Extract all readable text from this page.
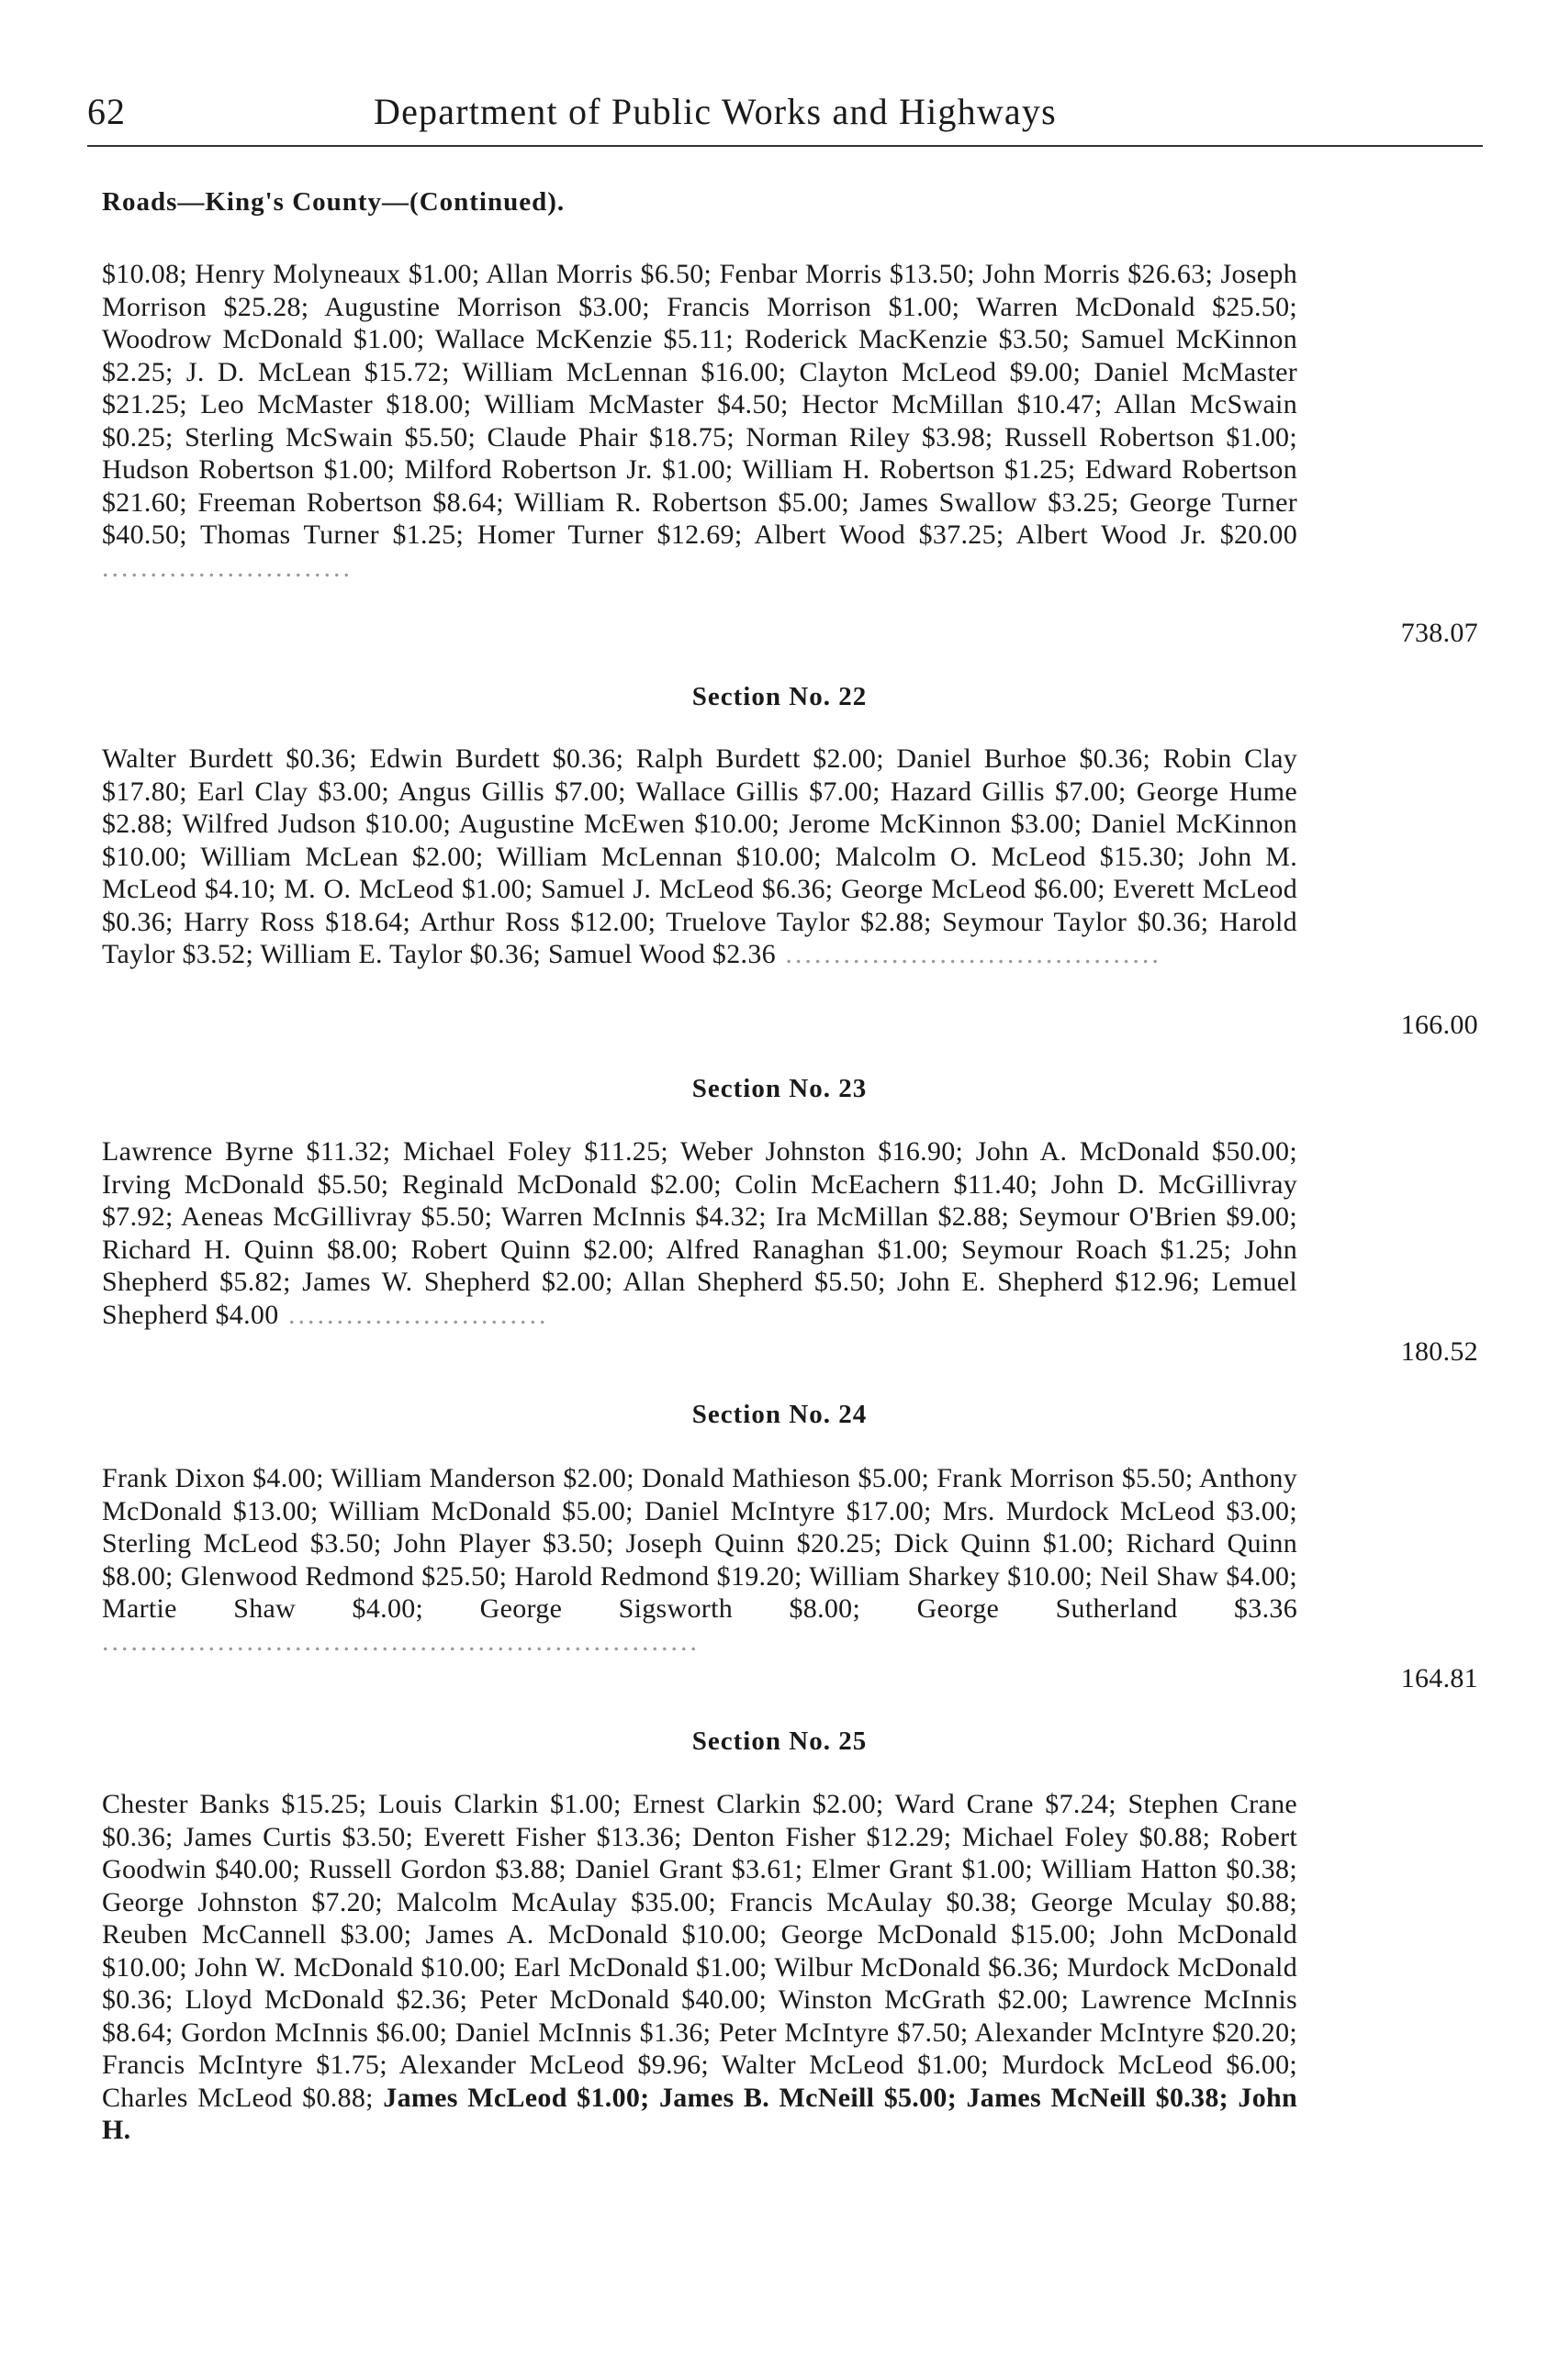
62	Department of Public Works and Highways
Roads—King's County—(Continued).
$10.08; Henry Molyneaux $1.00; Allan Morris $6.50; Fenbar Morris $13.50; John Morris $26.63; Joseph Morrison $25.28; Augustine Morrison $3.00; Francis Morrison $1.00; Warren McDonald $25.50; Woodrow McDonald $1.00; Wallace McKenzie $5.11; Roderick MacKenzie $3.50; Samuel McKinnon $2.25; J. D. McLean $15.72; William McLennan $16.00; Clayton McLeod $9.00; Daniel McMaster $21.25; Leo McMaster $18.00; William McMaster $4.50; Hector McMillan $10.47; Allan McSwain $0.25; Sterling McSwain $5.50; Claude Phair $18.75; Norman Riley $3.98; Russell Robertson $1.00; Hudson Robertson $1.00; Milford Robertson Jr. $1.00; William H. Robertson $1.25; Edward Robertson $21.60; Freeman Robertson $8.64; William R. Robertson $5.00; James Swallow $3.25; George Turner $40.50; Thomas Turner $1.25; Homer Turner $12.69; Albert Wood $37.25; Albert Wood Jr. $20.00 ..........................
738.07
Section No. 22
Walter Burdett $0.36; Edwin Burdett $0.36; Ralph Burdett $2.00; Daniel Burhoe $0.36; Robin Clay $17.80; Earl Clay $3.00; Angus Gillis $7.00; Wallace Gillis $7.00; Hazard Gillis $7.00; George Hume $2.88; Wilfred Judson $10.00; Augustine McEwen $10.00; Jerome McKinnon $3.00; Daniel McKinnon $10.00; William McLean $2.00; William McLennan $10.00; Malcolm O. McLeod $15.30; John M. McLeod $4.10; M. O. McLeod $1.00; Samuel J. McLeod $6.36; George McLeod $6.00; Everett McLeod $0.36; Harry Ross $18.64; Arthur Ross $12.00; Truelove Taylor $2.88; Seymour Taylor $0.36; Harold Taylor $3.52; William E. Taylor $0.36; Samuel Wood $2.36 .......................................
166.00
Section No. 23
Lawrence Byrne $11.32; Michael Foley $11.25; Weber Johnston $16.90; John A. McDonald $50.00; Irving McDonald $5.50; Reginald McDonald $2.00; Colin McEachern $11.40; John D. McGillivray $7.92; Aeneas McGillivray $5.50; Warren McInnis $4.32; Ira McMillan $2.88; Seymour O'Brien $9.00; Richard H. Quinn $8.00; Robert Quinn $2.00; Alfred Ranaghan $1.00; Seymour Roach $1.25; John Shepherd $5.82; James W. Shepherd $2.00; Allan Shepherd $5.50; John E. Shepherd $12.96; Lemuel Shepherd $4.00 ...........................
180.52
Section No. 24
Frank Dixon $4.00; William Manderson $2.00; Donald Mathieson $5.00; Frank Morrison $5.50; Anthony McDonald $13.00; William McDonald $5.00; Daniel McIntyre $17.00; Mrs. Murdock McLeod $3.00; Sterling McLeod $3.50; John Player $3.50; Joseph Quinn $20.25; Dick Quinn $1.00; Richard Quinn $8.00; Glenwood Redmond $25.50; Harold Redmond $19.20; William Sharkey $10.00; Neil Shaw $4.00; Martie Shaw $4.00; George Sigsworth $8.00; George Sutherland $3.36 ..............................................................
164.81
Section No. 25
Chester Banks $15.25; Louis Clarkin $1.00; Ernest Clarkin $2.00; Ward Crane $7.24; Stephen Crane $0.36; James Curtis $3.50; Everett Fisher $13.36; Denton Fisher $12.29; Michael Foley $0.88; Robert Goodwin $40.00; Russell Gordon $3.88; Daniel Grant $3.61; Elmer Grant $1.00; William Hatton $0.38; George Johnston $7.20; Malcolm McAulay $35.00; Francis McAulay $0.38; George Mculay $0.88; Reuben McCannell $3.00; James A. McDonald $10.00; George McDonald $15.00; John McDonald $10.00; John W. McDonald $10.00; Earl McDonald $1.00; Wilbur McDonald $6.36; Murdock McDonald $0.36; Lloyd McDonald $2.36; Peter McDonald $40.00; Winston McGrath $2.00; Lawrence McInnis $8.64; Gordon McInnis $6.00; Daniel McInnis $1.36; Peter McIntyre $7.50; Alexander McIntyre $20.20; Francis McIntyre $1.75; Alexander McLeod $9.96; Walter McLeod $1.00; Murdock McLeod $6.00; Charles McLeod $0.88; James McLeod $1.00; James B. McNeill $5.00; James McNeill $0.38; John H.
